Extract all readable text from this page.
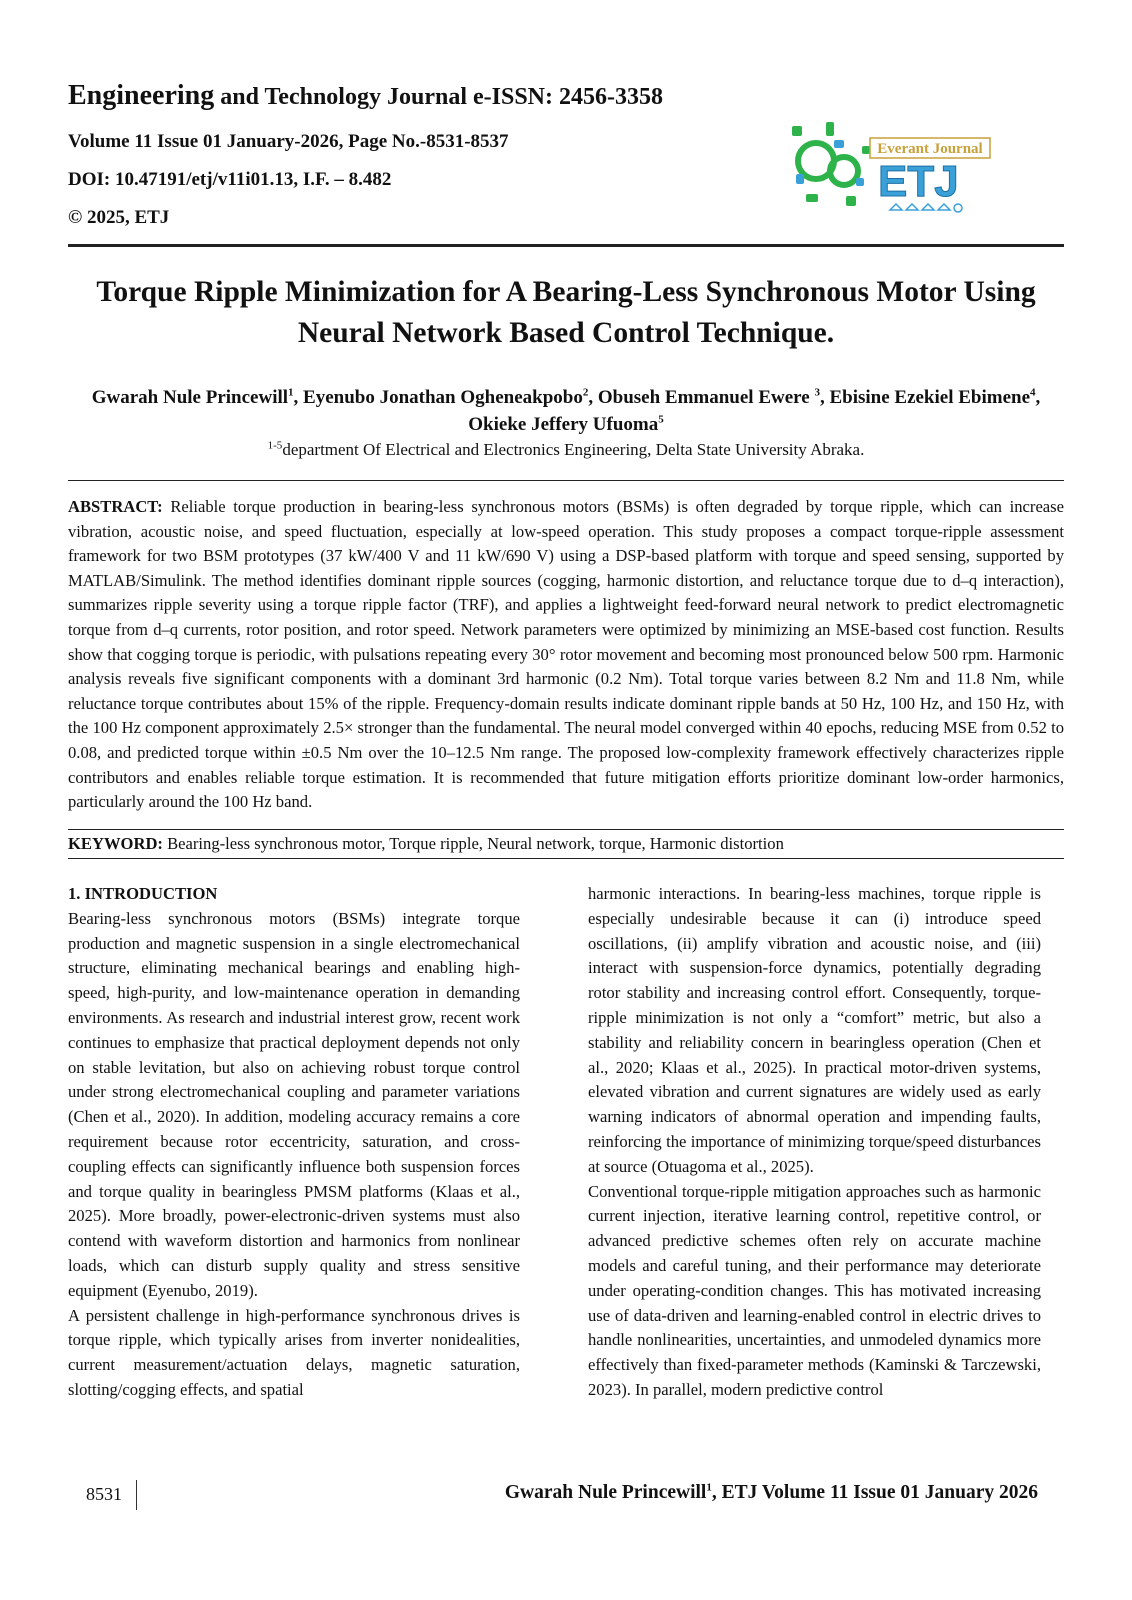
Engineering and Technology Journal e-ISSN: 2456-3358
Volume 11 Issue 01 January-2026, Page No.-8531-8537
DOI: 10.47191/etj/v11i01.13, I.F. – 8.482
© 2025, ETJ
Everant Journal
ETJ
Torque Ripple Minimization for A Bearing-Less Synchronous Motor Using
Neural Network Based Control Technique.
Gwarah Nule Princewill$^1$, Eyenubo Jonathan Ogheneakpobo$^2$, Obuseh Emmanuel Ewere $^3$, Ebisine Ezekiel Ebimene$^4$, Okieke Jeffery Ufuoma$^5$
$^{1-5}$department Of Electrical and Electronics Engineering, Delta State University Abraka.
ABSTRACT: Reliable torque production in bearing-less synchronous motors (BSMs) is often degraded by torque ripple, which can increase vibration, acoustic noise, and speed fluctuation, especially at low-speed operation. This study proposes a compact torque-ripple assessment framework for two BSM prototypes (37 kW/400 V and 11 kW/690 V) using a DSP-based platform with torque and speed sensing, supported by MATLAB/Simulink. The method identifies dominant ripple sources (cogging, harmonic distortion, and reluctance torque due to d–q interaction), summarizes ripple severity using a torque ripple factor (TRF), and applies a lightweight feed-forward neural network to predict electromagnetic torque from d–q currents, rotor position, and rotor speed. Network parameters were optimized by minimizing an MSE-based cost function. Results show that cogging torque is periodic, with pulsations repeating every 30° rotor movement and becoming most pronounced below 500 rpm. Harmonic analysis reveals five significant components with a dominant 3rd harmonic (0.2 Nm). Total torque varies between 8.2 Nm and 11.8 Nm, while reluctance torque contributes about 15% of the ripple. Frequency-domain results indicate dominant ripple bands at 50 Hz, 100 Hz, and 150 Hz, with the 100 Hz component approximately 2.5× stronger than the fundamental. The neural model converged within 40 epochs, reducing MSE from 0.52 to 0.08, and predicted torque within ±0.5 Nm over the 10–12.5 Nm range. The proposed low-complexity framework effectively characterizes ripple contributors and enables reliable torque estimation. It is recommended that future mitigation efforts prioritize dominant low-order harmonics, particularly around the 100 Hz band.
KEYWORD: Bearing-less synchronous motor, Torque ripple, Neural network, torque, Harmonic distortion

1. INTRODUCTION

Bearing-less synchronous motors (BSMs) integrate torque production and magnetic suspension in a single electromechanical structure, eliminating mechanical bearings and enabling high-speed, high-purity, and low-maintenance operation in demanding environments. As research and industrial interest grow, recent work continues to emphasize that practical deployment depends not only on stable levitation, but also on achieving robust torque control under strong electromechanical coupling and parameter variations (Chen et al., 2020). In addition, modeling accuracy remains a core requirement because rotor eccentricity, saturation, and cross-coupling effects can significantly influence both suspension forces and torque quality in bearingless PMSM platforms (Klaas et al., 2025). More broadly, power-electronic-driven systems must also contend with waveform distortion and harmonics from nonlinear loads, which can disturb supply quality and stress sensitive equipment (Eyenubo, 2019).

A persistent challenge in high-performance synchronous drives is torque ripple, which typically arises from inverter nonidealities, current measurement/actuation delays, magnetic saturation, slotting/cogging effects, and spatial

harmonic interactions. In bearing-less machines, torque ripple is especially undesirable because it can (i) introduce speed oscillations, (ii) amplify vibration and acoustic noise, and (iii) interact with suspension-force dynamics, potentially degrading rotor stability and increasing control effort. Consequently, torque-ripple minimization is not only a “comfort” metric, but also a stability and reliability concern in bearingless operation (Chen et al., 2020; Klaas et al., 2025). In practical motor-driven systems, elevated vibration and current signatures are widely used as early warning indicators of abnormal operation and impending faults, reinforcing the importance of minimizing torque/speed disturbances at source (Otuagoma et al., 2025).

Conventional torque-ripple mitigation approaches such as harmonic current injection, iterative learning control, repetitive control, or advanced predictive schemes often rely on accurate machine models and careful tuning, and their performance may deteriorate under operating-condition changes. This has motivated increasing use of data-driven and learning-enabled control in electric drives to handle nonlinearities, uncertainties, and unmodeled dynamics more effectively than fixed-parameter methods (Kaminski & Tarczewski, 2023). In parallel, modern predictive control

8531	Gwarah Nule Princewill$^1$, ETJ Volume 11 Issue 01 January 2026
